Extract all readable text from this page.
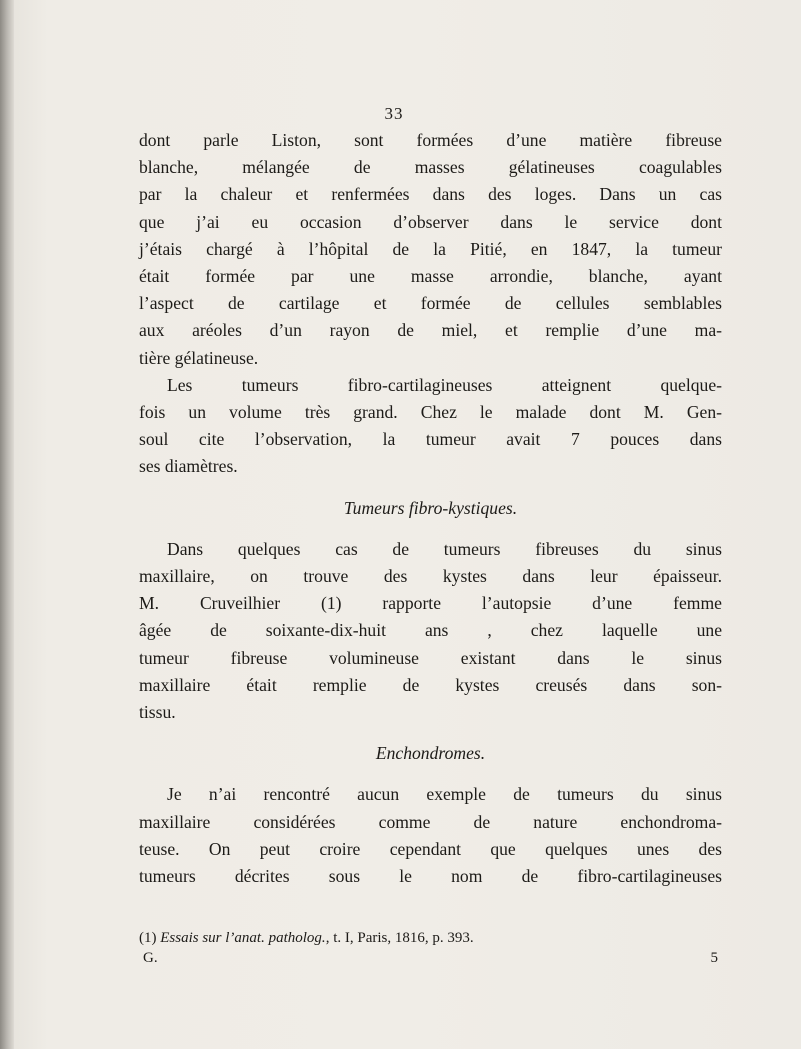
33

dont parle Liston, sont formées d’une matière fibreuse
blanche, mélangée de masses gélatineuses coagulables
par la chaleur et renfermées dans des loges. Dans un cas
que j’ai eu occasion d’observer dans le service dont
j’étais chargé à l’hôpital de la Pitié, en 1847, la tumeur
était formée par une masse arrondie, blanche, ayant
l’aspect de cartilage et formée de cellules semblables
aux aréoles d’un rayon de miel, et remplie d’une ma-
tière gélatineuse.

Les tumeurs fibro-cartilagineuses atteignent quelque-
fois un volume très grand. Chez le malade dont M. Gen-
soul cite l’observation, la tumeur avait 7 pouces dans
ses diamètres.

Tumeurs fibro-kystiques.

Dans quelques cas de tumeurs fibreuses du sinus
maxillaire, on trouve des kystes dans leur épaisseur.
M. Cruveilhier (1) rapporte l’autopsie d’une femme
âgée de soixante-dix-huit ans , chez laquelle une
tumeur fibreuse volumineuse existant dans le sinus
maxillaire était remplie de kystes creusés dans son-
tissu.

Enchondromes.

Je n’ai rencontré aucun exemple de tumeurs du sinus
maxillaire considérées comme de nature enchondroma-
teuse. On peut croire cependant que quelques unes des
tumeurs décrites sous le nom de fibro-cartilagineuses

(1) Essais sur l’anat. patholog., t. I, Paris, 1816, p. 393.
G.	5
